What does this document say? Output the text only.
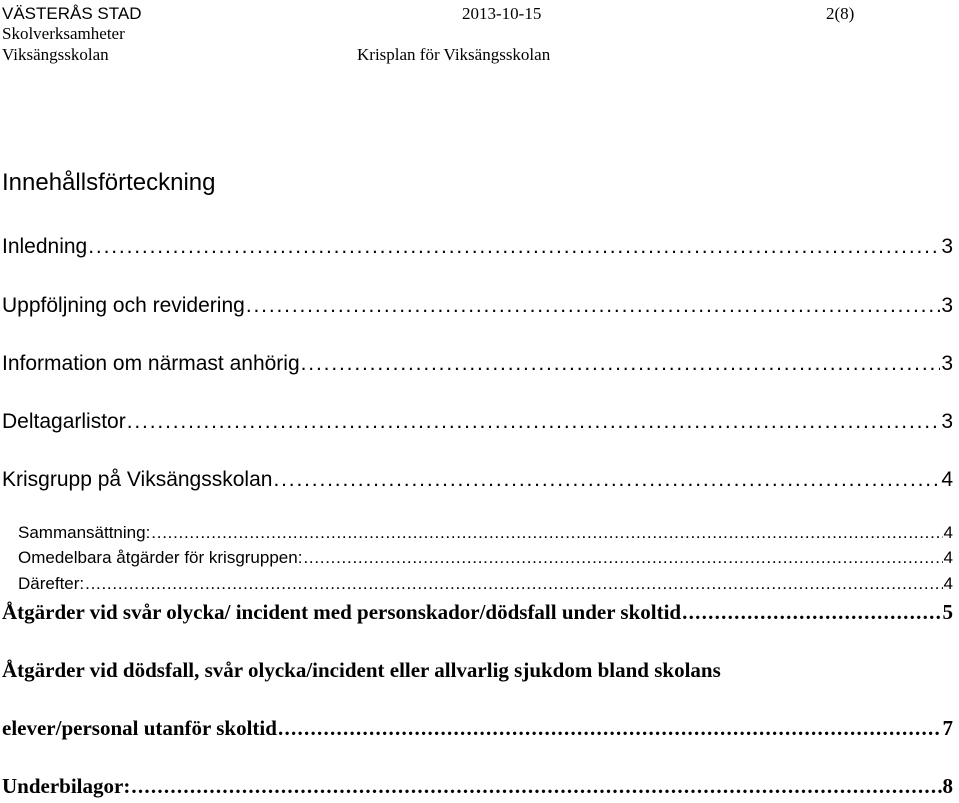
VÄSTERÅS STAD
Skolverksamheter
Viksängsskolan
2013-10-15
Krisplan för Viksängsskolan
2(8)
Innehållsförteckning
Inledning . . .	3
Uppföljning och revidering . . .	3
Information om närmast anhörig . . .	3
Deltagarlistor . . .	3
Krisgrupp på Viksängsskolan . . .	4
Sammansättning: . . .	4
Omedelbara åtgärder för krisgruppen: . . .	4
Därefter: . . .	4
Åtgärder vid svår olycka/ incident med personskador/dödsfall under skoltid . . .	5
Åtgärder vid dödsfall, svår olycka/incident eller allvarlig sjukdom bland skolans
elever/personal utanför skoltid . . .	7
Underbilagor: . . .	8
